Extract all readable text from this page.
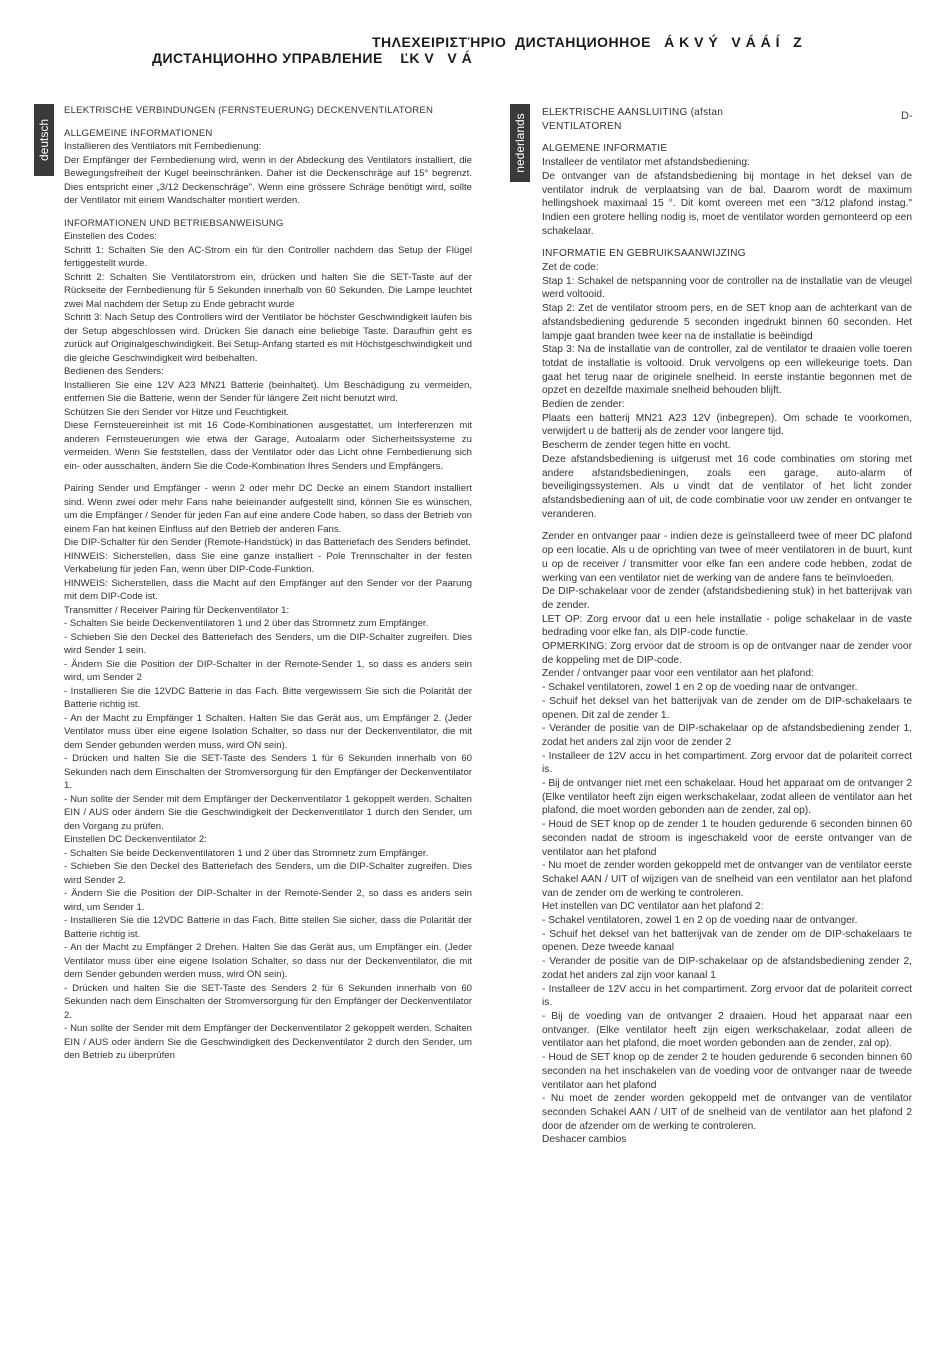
ΤΗΛΕΧΕΙΡΙΣΤΉΡΙΟ  ДИСТАНЦИОННОЕ   Á K V Ý   V Á Á Í   Z
ДИСТАНЦИОННО УПРАВЛЕНИЕ    ĽK V   V Á
deutsch	nederlands
ELEKTRISCHE VERBINDUNGEN (FERNSTEUERUNG) DECKENVENTILATOREN
ALLGEMEINE INFORMATIONEN
Installieren des Ventilators mit Fernbedienung:
Der Empfänger der Fernbedienung wird, wenn in der Abdeckung des Ventilators installiert, die Bewegungsfreiheit der Kugel beeinschränken. Daher ist die Deckenschräge auf 15° begrenzt. Dies entspricht einer „3/12 Deckenschräge". Wenn eine grössere Schräge benötigt wird, sollte der Ventilator mit einem Wandschalter montiert werden.
INFORMATIONEN UND BETRIEBSANWEISUNG
Einstellen des Codes:
Schritt 1: Schalten Sie den AC-Strom ein für den Controller nachdem das Setup der Flügel fertiggestellt wurde.
Schritt 2: Schalten Sie Ventilatorstrom ein, drücken und halten Sie die SET-Taste auf der Rückseite der Fernbedienung für 5 Sekunden innerhalb von 60 Sekunden. Die Lampe leuchtet zwei Mal nachdem der Setup zu Ende gebracht wurde
Schritt 3: Nach Setup des Controllers wird der Ventilator be höchster Geschwindigkeit laufen bis der Setup abgeschlossen wird. Drücken Sie danach eine beliebige Taste. Daraufhin geht es zurück auf Originalgeschwindigkeit. Bei Setup-Anfang started es mit Höchstgeschwindigkeit und die gleiche Geschwindigkeit wird beibehalten.
Bedienen des Senders:
Installieren Sie eine 12V A23 MN21 Batterie (beinhaltet). Um Beschädigung zu vermeiden, entfernen Sie die Batterie, wenn der Sender für längere Zeit nicht benutzt wird.
Schützen Sie den Sender vor Hitze und Feuchtigkeit.
Diese Fernsteuereinheit ist mit 16 Code-Kombinationen ausgestattet, um Interferenzen mit anderen Fernsteuerungen wie etwa der Garage, Autoalarm oder Sicherheitssysteme zu vermeiden. Wenn Sie feststellen, dass der Ventilator oder das Licht ohne Fernbedienung sich ein- oder ausschalten, ändern Sie die Code-Kombination Ihres Senders und Empfängers.
Pairing Sender und Empfänger - wenn 2 oder mehr DC Decke an einem Standort installiert sind. Wenn zwei oder mehr Fans nahe beieinander aufgestellt sind, können Sie es wünschen, um die Empfänger / Sender für jeden Fan auf eine andere Code haben, so dass der Betrieb von einem Fan hat keinen Einfluss auf den Betrieb der anderen Fans.
Die DIP-Schalter für den Sender (Remote-Handstück) in das Batteriefach des Senders befindet.
HINWEIS: Sicherstellen, dass Sie eine ganze installiert - Pole Trennschalter in der festen Verkabelung für jeden Fan, wenn über DIP-Code-Funktion.
HINWEIS: Sicherstellen, dass die Macht auf den Empfänger auf den Sender vor der Paarung mit dem DIP-Code ist.
Transmitter / Receiver Pairing für Deckenventilator 1:
- Schalten Sie beide Deckenventilatoren 1 und 2 über das Stromnetz zum Empfänger.
- Schieben Sie den Deckel des Batteriefach des Senders, um die DIP-Schalter zugreifen. Dies wird Sender 1 sein.
- Ändern Sie die Position der DIP-Schalter in der Remote-Sender 1, so dass es anders sein wird, um Sender 2
- Installieren Sie die 12VDC Batterie in das Fach. Bitte vergewissern Sie sich die Polarität der Batterie richtig ist.
- An der Macht zu Empfänger 1 Schalten. Halten Sie das Gerät aus, um Empfänger 2. (Jeder Ventilator muss über eine eigene Isolation Schalter, so dass nur der Deckenventilator, die mit dem Sender gebunden werden muss, wird ON sein).
- Drücken und halten Sie die SET-Taste des Senders 1 für 6 Sekunden innerhalb von 60 Sekunden nach dem Einschalten der Stromversorgung für den Empfänger der Deckenventilator 1.
- Nun sollte der Sender mit dem Empfänger der Deckenventilator 1 gekoppelt werden. Schalten EIN / AUS oder ändern Sie die Geschwindigkeit der Deckenventilator 1 durch den Sender, um den Vorgang zu prüfen.
Einstellen DC Deckenventilator 2:
- Schalten Sie beide Deckenventilatoren 1 und 2 über das Stromnetz zum Empfänger.
- Schieben Sie den Deckel des Batteriefach des Senders, um die DIP-Schalter zugreifen. Dies wird Sender 2.
- Ändern Sie die Position der DIP-Schalter in der Remote-Sender 2, so dass es anders sein wird, um Sender 1.
- Installieren Sie die 12VDC Batterie in das Fach. Bitte stellen Sie sicher, dass die Polarität der Batterie richtig ist.
- An der Macht zu Empfänger 2 Drehen. Halten Sie das Gerät aus, um Empfänger ein. (Jeder Ventilator muss über eine eigene Isolation Schalter, so dass nur der Deckenventilator, die mit dem Sender gebunden werden muss, wird ON sein).
- Drücken und halten Sie die SET-Taste des Senders 2 für 6 Sekunden innerhalb von 60 Sekunden nach dem Einschalten der Stromversorgung für den Empfänger der Deckenventilator 2.
- Nun sollte der Sender mit dem Empfänger der Deckenventilator 2 gekoppelt werden. Schalten EIN / AUS oder ändern Sie die Geschwindigkeit des Deckenventilator 2 durch den Sender, um den Betrieb zu überprüfen
D-
ELEKTRISCHE AANSLUITING (afstan
VENTILATOREN
ALGEMENE INFORMATIE
Installeer de ventilator met afstandsbediening:
De ontvanger van de afstandsbediening bij montage in het deksel van de ventilator indruk de verplaatsing van de bal. Daarom wordt de maximum hellingshoek maximaal 15 °. Dit komt overeen met een "3/12 plafond instag." Indien een grotere helling nodig is, moet de ventilator worden gemonteerd op een schakelaar.
INFORMATIE EN GEBRUIKSAANWIJZING
Zet de code:
Stap 1: Schakel de netspanning voor de controller na de installatie van de vleugel werd voltooid.
Stap 2: Zet de ventilator stroom pers, en de SET knop aan de achterkant van de afstandsbediening gedurende 5 seconden ingedrukt binnen 60 seconden. Het lampje gaat branden twee keer na de installatie is beëindigd
Stap 3: Na de installatie van de controller, zal de ventilator te draaien volle toeren totdat de installatie is voltooid. Druk vervolgens op een willekeurige toets. Dan gaat het terug naar de originele snelheid. In eerste instantie begonnen met de opzet en dezelfde maximale snelheid behouden blijft.
Bedien de zender:
Plaats een batterij MN21 A23 12V (inbegrepen). Om schade te voorkomen, verwijdert u de batterij als de zender voor langere tijd.
Bescherm de zender tegen hitte en vocht.
Deze afstandsbediening is uitgerust met 16 code combinaties om storing met andere afstandsbedieningen, zoals een garage, auto-alarm of beveiligingssystemen. Als u vindt dat de ventilator of het licht zonder afstandsbediening aan of uit, de code combinatie voor uw zender en ontvanger te veranderen.
Zender en ontvanger paar - indien deze is geïnstalleerd twee of meer DC plafond op een locatie. Als u de oprichting van twee of meer ventilatoren in de buurt, kunt u op de receiver / transmitter voor elke fan een andere code hebben, zodat de werking van een ventilator niet de werking van de andere fans te beïnvloeden.
De DIP-schakelaar voor de zender (afstandsbediening stuk) in het batterijvak van de zender.
LET OP: Zorg ervoor dat u een hele installatie - polige schakelaar in de vaste bedrading voor elke fan, als DIP-code functie.
OPMERKING: Zorg ervoor dat de stroom is op de ontvanger naar de zender voor de koppeling met de DIP-code.
Zender / ontvanger paar voor een ventilator aan het plafond:
- Schakel ventilatoren, zowel 1 en 2 op de voeding naar de ontvanger.
- Schuif het deksel van het batterijvak van de zender om de DIP-schakelaars te openen. Dit zal de zender 1.
- Verander de positie van de DIP-schakelaar op de afstandsbediening zender 1, zodat het anders zal zijn voor de zender 2
- Installeer de 12V accu in het compartiment. Zorg ervoor dat de polariteit correct is.
- Bij de ontvanger niet met een schakelaar. Houd het apparaat om de ontvanger 2 (Elke ventilator heeft zijn eigen werkschakelaar, zodat alleen de ventilator aan het plafond, die moet worden gebonden aan de zender, zal op).
- Houd de SET knop op de zender 1 te houden gedurende 6 seconden binnen 60 seconden nadat de stroom is ingeschakeld voor de eerste ontvanger van de ventilator aan het plafond
- Nu moet de zender worden gekoppeld met de ontvanger van de ventilator eerste Schakel AAN / UIT of wijzigen van de snelheid van een ventilator aan het plafond van de zender om de werking te controleren.
Het instellen van DC ventilator aan het plafond 2:
- Schakel ventilatoren, zowel 1 en 2 op de voeding naar de ontvanger.
- Schuif het deksel van het batterijvak van de zender om de DIP-schakelaars te openen. Deze tweede kanaal
- Verander de positie van de DIP-schakelaar op de afstandsbediening zender 2, zodat het anders zal zijn voor kanaal 1
- Installeer de 12V accu in het compartiment. Zorg ervoor dat de polariteit correct is.
- Bij de voeding van de ontvanger 2 draaien. Houd het apparaat naar een ontvanger. (Elke ventilator heeft zijn eigen werkschakelaar, zodat alleen de ventilator aan het plafond, die moet worden gebonden aan de zender, zal op).
- Houd de SET knop op de zender 2 te houden gedurende 6 seconden binnen 60 seconden na het inschakelen van de voeding voor de ontvanger naar de tweede ventilator aan het plafond
- Nu moet de zender worden gekoppeld met de ontvanger van de ventilator seconden Schakel AAN / UIT of de snelheid van de ventilator aan het plafond 2 door de afzender om de werking te controleren.
Deshacer cambios
